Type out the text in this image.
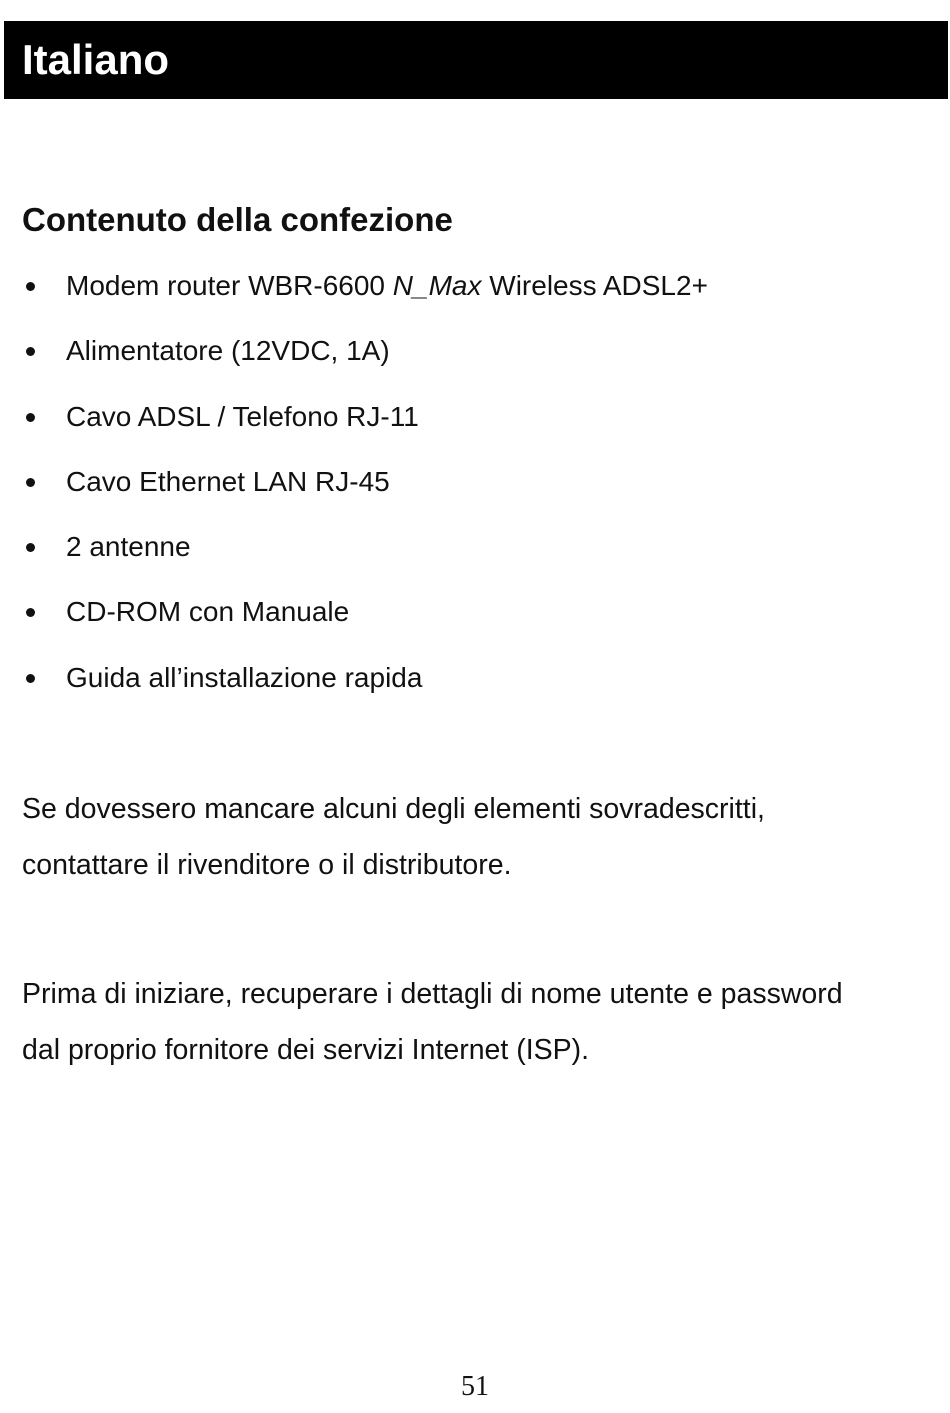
Italiano
Contenuto della confezione
Modem router WBR-6600 N_Max Wireless ADSL2+
Alimentatore (12VDC, 1A)
Cavo ADSL / Telefono RJ-11
Cavo Ethernet LAN RJ-45
2 antenne
CD-ROM con Manuale
Guida all’installazione rapida

Se dovessero mancare alcuni degli elementi sovradescritti,
contattare il rivenditore o il distributore.

Prima di iniziare, recuperare i dettagli di nome utente e password
dal proprio fornitore dei servizi Internet (ISP).

51
